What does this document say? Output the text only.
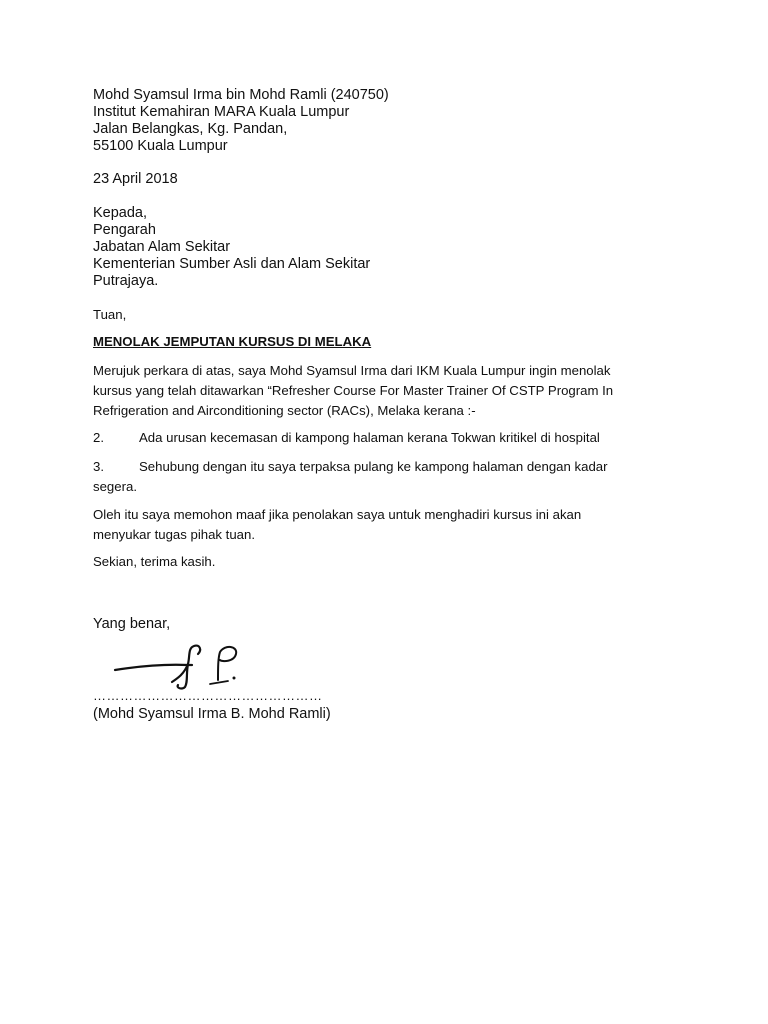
Mohd Syamsul Irma bin Mohd Ramli (240750)
Institut Kemahiran MARA Kuala Lumpur
Jalan Belangkas, Kg. Pandan,
55100 Kuala Lumpur
23 April 2018
Kepada,
Pengarah
Jabatan Alam Sekitar
Kementerian Sumber Asli dan Alam Sekitar
Putrajaya.
Tuan,
MENOLAK JEMPUTAN KURSUS DI MELAKA
Merujuk perkara di atas, saya Mohd Syamsul Irma dari IKM Kuala Lumpur ingin menolak
kursus yang telah ditawarkan “Refresher Course For Master Trainer Of CSTP Program In
Refrigeration and Airconditioning sector (RACs), Melaka kerana :-
2.	Ada urusan kecemasan di kampong halaman kerana Tokwan kritikel di hospital
3.	Sehubung dengan itu saya terpaksa pulang ke kampong halaman dengan kadar
segera.
Oleh itu saya memohon maaf jika penolakan saya untuk menghadiri kursus ini akan
menyukar tugas pihak tuan.
Sekian, terima kasih.
Yang benar,
……………………………………………
(Mohd Syamsul Irma B. Mohd Ramli)
